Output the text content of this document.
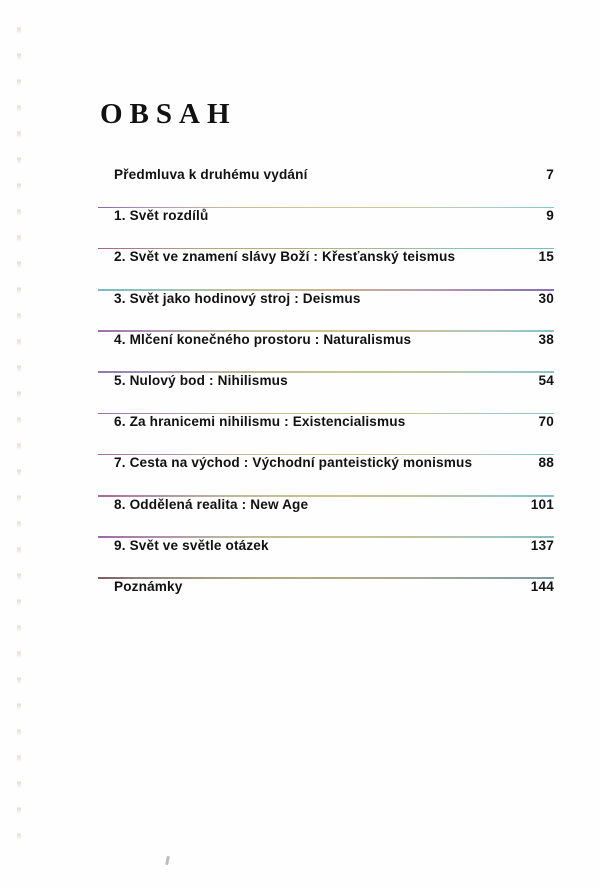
OBSAH
Předmluva k druhému vydání	7
1. Svět rozdílů	9
2. Svět ve znamení slávy Boží : Křesťanský teismus	15
3. Svět jako hodinový stroj : Deismus	30
4. Mlčení konečného prostoru : Naturalismus	38
5. Nulový bod : Nihilismus	54
6. Za hranicemi nihilismu : Existencialismus	70
7. Cesta na východ : Východní panteistický monismus	88
8. Oddělená realita : New Age	101
9. Svět ve světle otázek	137
Poznámky	144
